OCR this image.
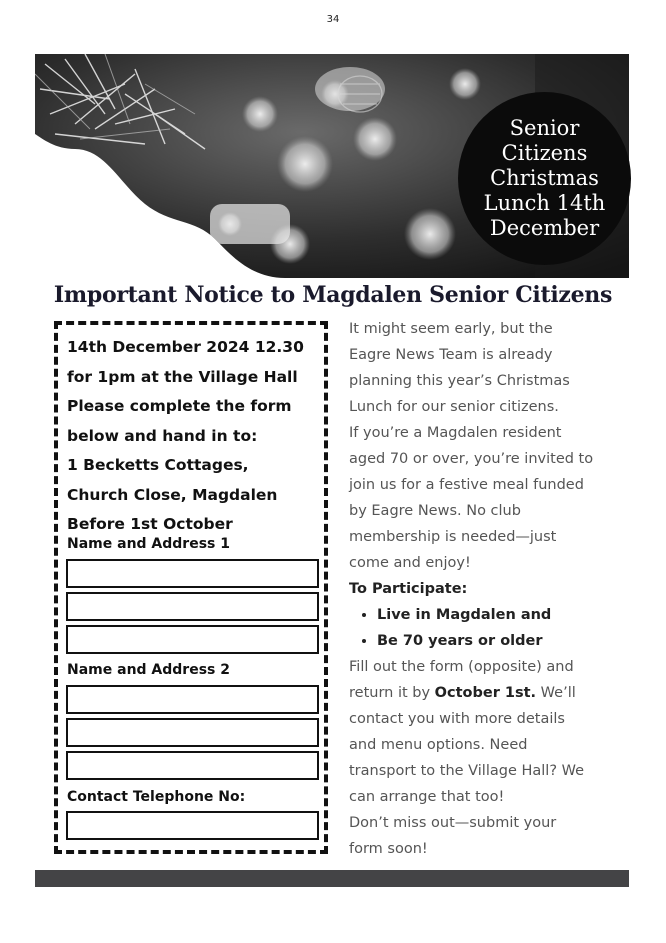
34
Senior Citizens Christmas Lunch 14th December
Important Notice to Magdalen Senior Citizens
14th December 2024 12.30
for 1pm at the Village Hall
Please complete the form
below and hand in to:
1 Becketts Cottages,
Church Close, Magdalen
Before 1st October
Name and Address 1
Name and Address 2
Contact Telephone No:

It might seem early, but the

Eagre News Team is already

planning this year’s Christmas

Lunch for our senior citizens.

If you’re a Magdalen resident

aged 70 or over, you’re invited to

join us for a festive meal funded

by Eagre News. No club

membership is needed—just

come and enjoy!

To Participate:

• Live in Magdalen and
• Be 70 years or older

Fill out the form (opposite) and

return it by October 1st. We’ll

contact you with more details

and menu options. Need

transport to the Village Hall? We

can arrange that too!

Don’t miss out—submit your

form soon!
